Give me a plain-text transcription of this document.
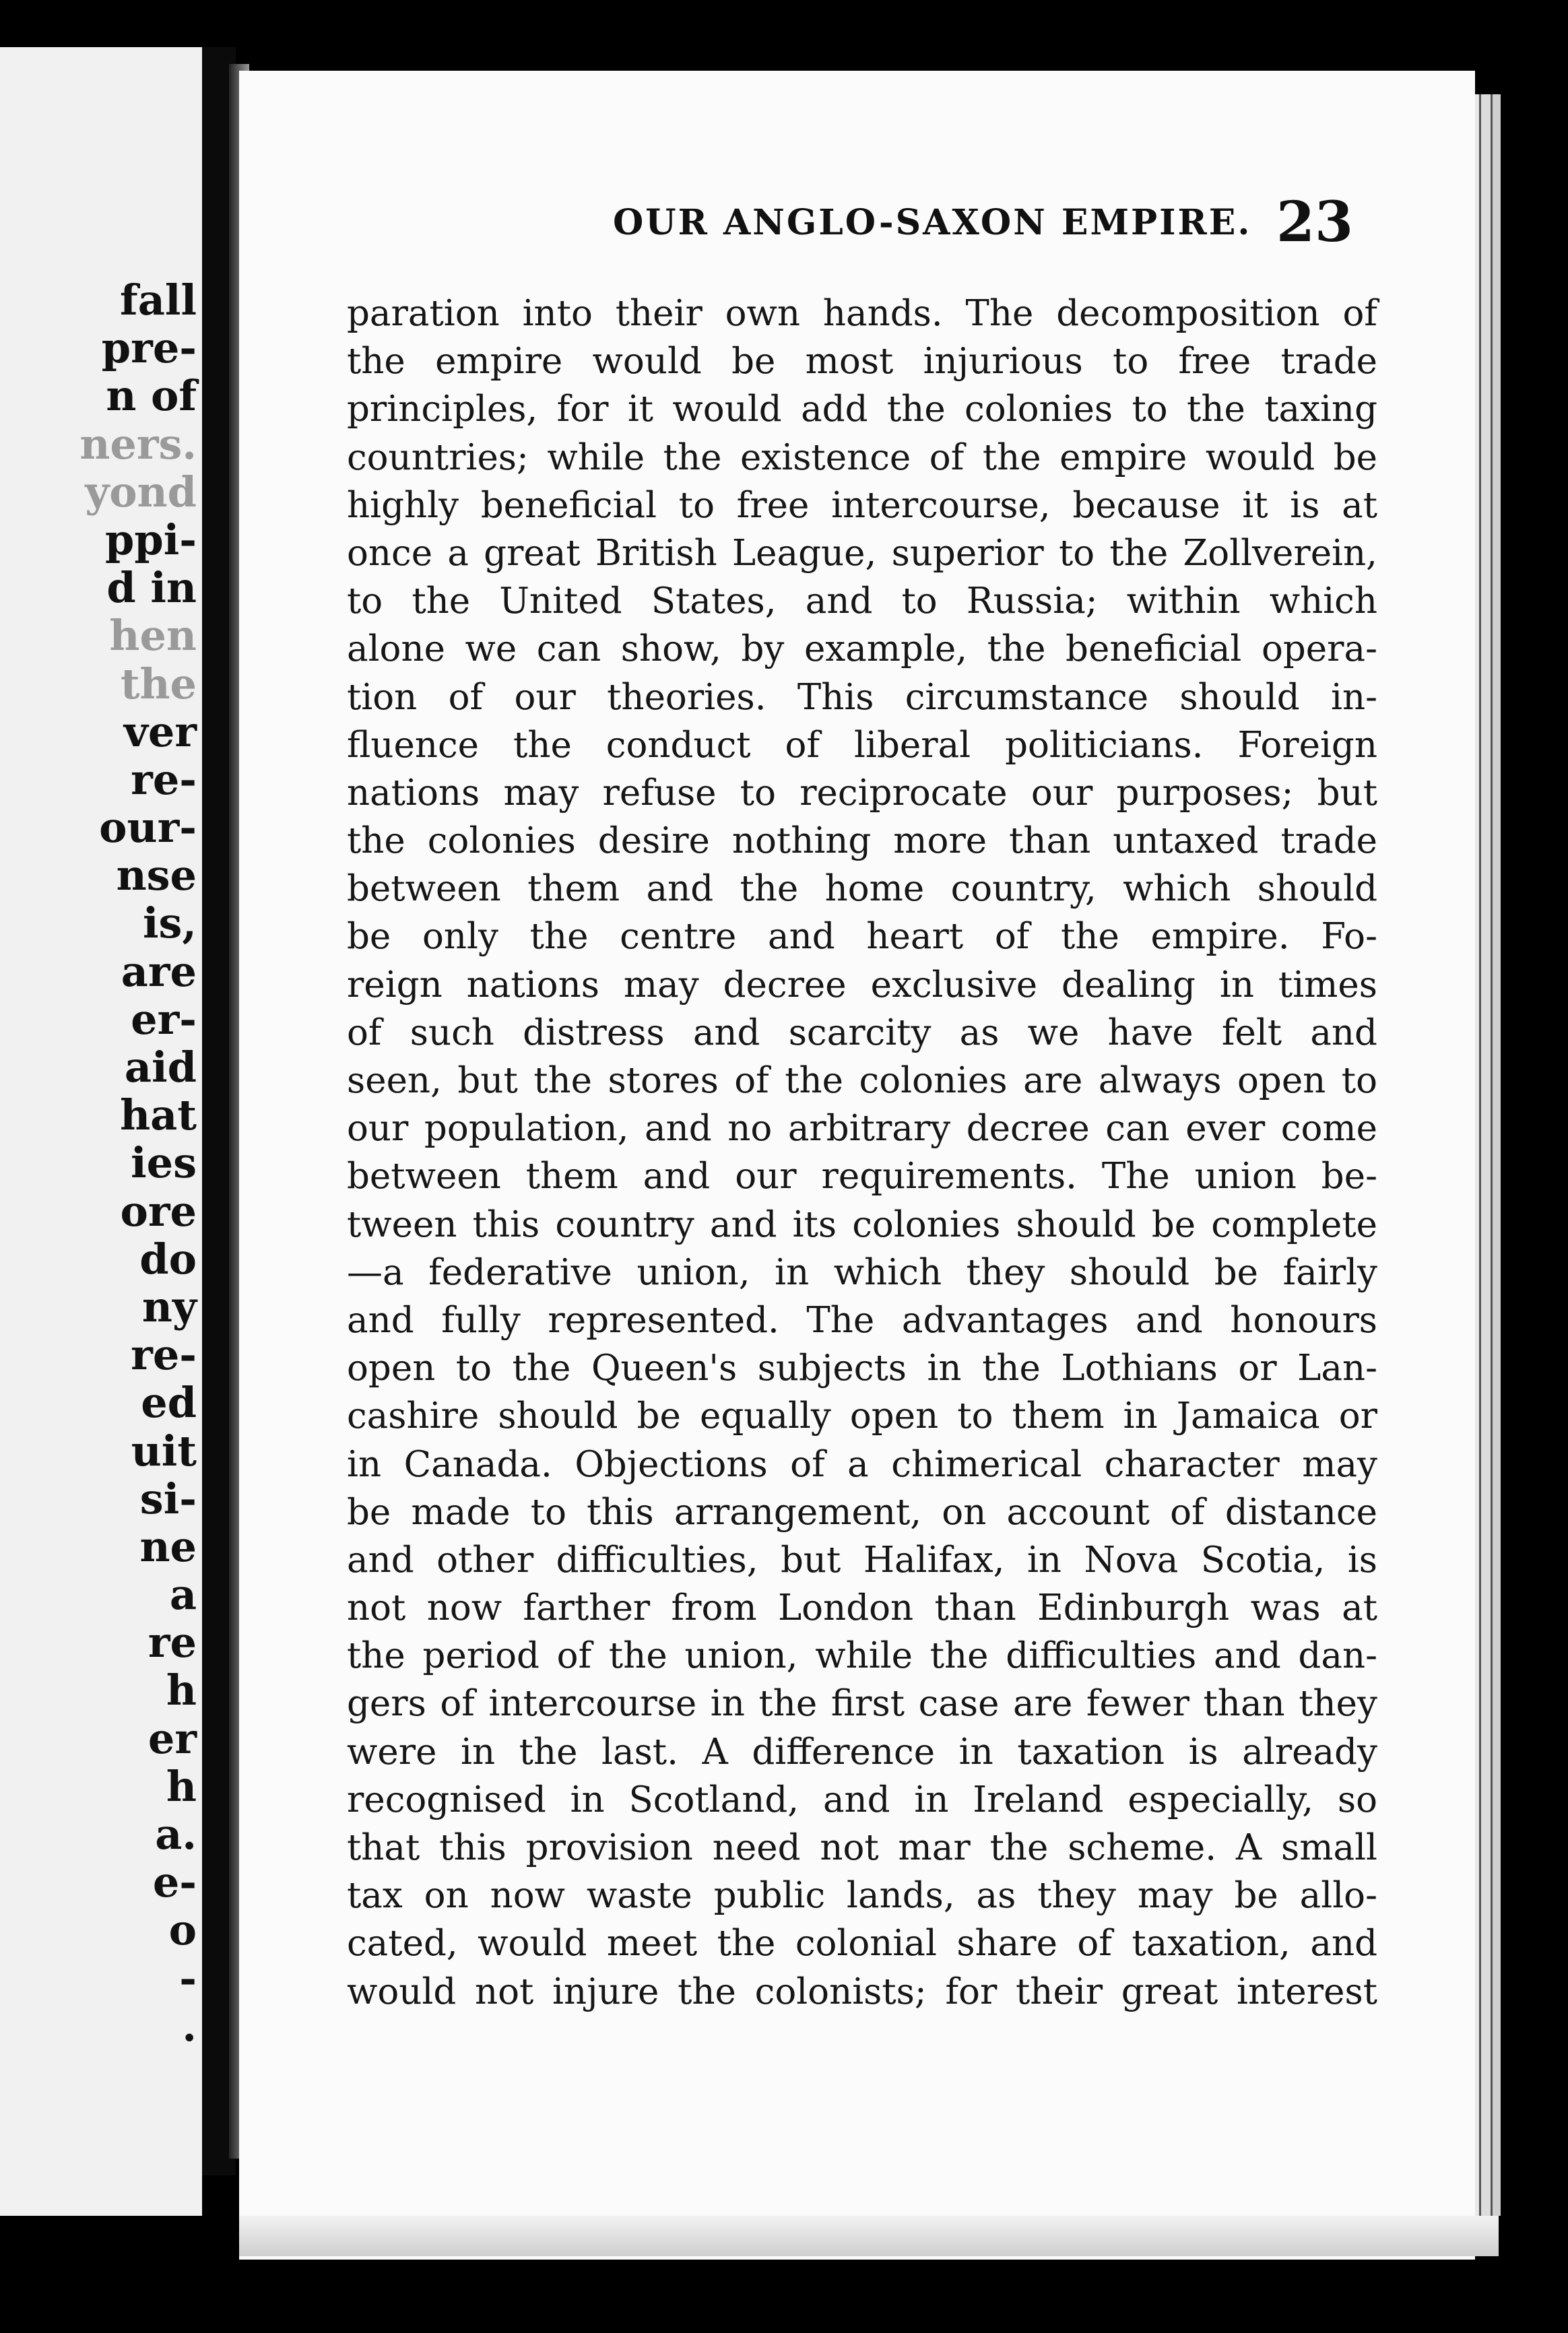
fall
pre-
n of
ners.
yond
ppi-
d in
hen
the
ver
re-
our-
nse
is,
are
er-
aid
hat
ies
ore
do
ny
re-
ed
uit
si-
ne
a
re
h
er
h
a.
e-
o
-
.
OUR ANGLO-SAXON EMPIRE. 23
paration into their own hands. The decomposition of
the empire would be most injurious to free trade
principles, for it would add the colonies to the taxing
countries; while the existence of the empire would be
highly beneficial to free intercourse, because it is at
once a great British League, superior to the Zollverein,
to the United States, and to Russia; within which
alone we can show, by example, the beneficial opera-
tion of our theories. This circumstance should in-
fluence the conduct of liberal politicians. Foreign
nations may refuse to reciprocate our purposes; but
the colonies desire nothing more than untaxed trade
between them and the home country, which should
be only the centre and heart of the empire. Fo-
reign nations may decree exclusive dealing in times
of such distress and scarcity as we have felt and
seen, but the stores of the colonies are always open to
our population, and no arbitrary decree can ever come
between them and our requirements. The union be-
tween this country and its colonies should be complete
—a federative union, in which they should be fairly
and fully represented. The advantages and honours
open to the Queen's subjects in the Lothians or Lan-
cashire should be equally open to them in Jamaica or
in Canada. Objections of a chimerical character may
be made to this arrangement, on account of distance
and other difficulties, but Halifax, in Nova Scotia, is
not now farther from London than Edinburgh was at
the period of the union, while the difficulties and dan-
gers of intercourse in the first case are fewer than they
were in the last. A difference in taxation is already
recognised in Scotland, and in Ireland especially, so
that this provision need not mar the scheme. A small
tax on now waste public lands, as they may be allo-
cated, would meet the colonial share of taxation, and
would not injure the colonists; for their great interest
